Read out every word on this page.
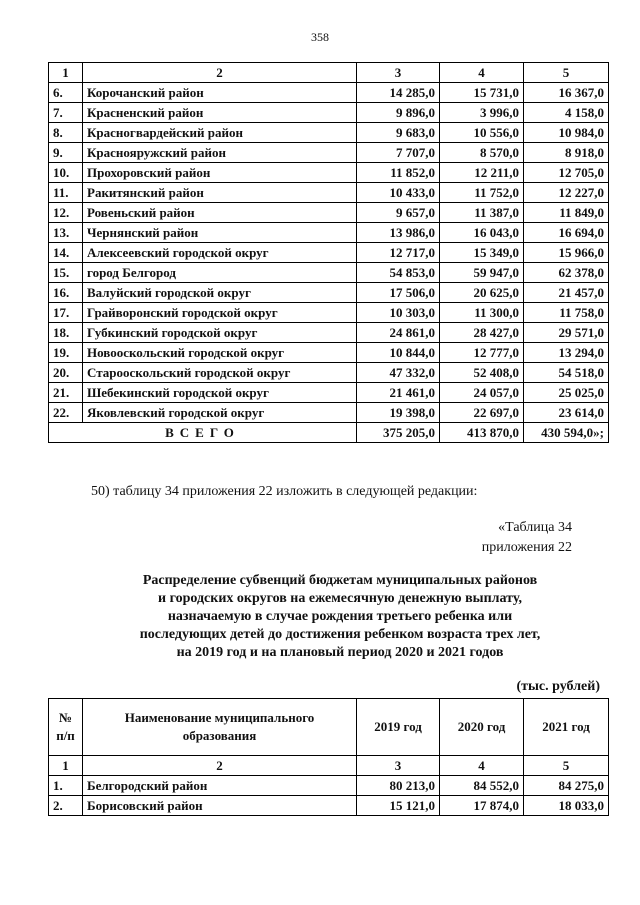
358
1	2	3	4	5
6.	Корочанский район	14 285,0	15 731,0	16 367,0
7.	Красненский район	9 896,0	3 996,0	4 158,0
8.	Красногвардейский район	9 683,0	10 556,0	10 984,0
9.	Краснояружский район	7 707,0	8 570,0	8 918,0
10.	Прохоровский район	11 852,0	12 211,0	12 705,0
11.	Ракитянский район	10 433,0	11 752,0	12 227,0
12.	Ровеньский район	9 657,0	11 387,0	11 849,0
13.	Чернянский район	13 986,0	16 043,0	16 694,0
14.	Алексеевский городской округ	12 717,0	15 349,0	15 966,0
15.	город Белгород	54 853,0	59 947,0	62 378,0
16.	Валуйский городской округ	17 506,0	20 625,0	21 457,0
17.	Грайворонский городской округ	10 303,0	11 300,0	11 758,0
18.	Губкинский городской округ	24 861,0	28 427,0	29 571,0
19.	Новооскольский городской округ	10 844,0	12 777,0	13 294,0
20.	Старооскольский городской округ	47 332,0	52 408,0	54 518,0
21.	Шебекинский городской округ	21 461,0	24 057,0	25 025,0
22.	Яковлевский городской округ	19 398,0	22 697,0	23 614,0
ВСЕГО		375 205,0	413 870,0	430 594,0»;
50) таблицу 34 приложения 22 изложить в следующей редакции:
«Таблица 34
приложения 22
Распределение субвенций бюджетам муниципальных районов
и городских округов на ежемесячную денежную выплату,
назначаемую в случае рождения третьего ребенка или
последующих детей до достижения ребенком возраста трех лет,
на 2019 год и на плановый период 2020 и 2021 годов
(тыс. рублей)
№ п/п	Наименование муниципального образования	2019 год	2020 год	2021 год
1	2	3	4	5
1.	Белгородский район	80 213,0	84 552,0	84 275,0
2.	Борисовский район	15 121,0	17 874,0	18 033,0
